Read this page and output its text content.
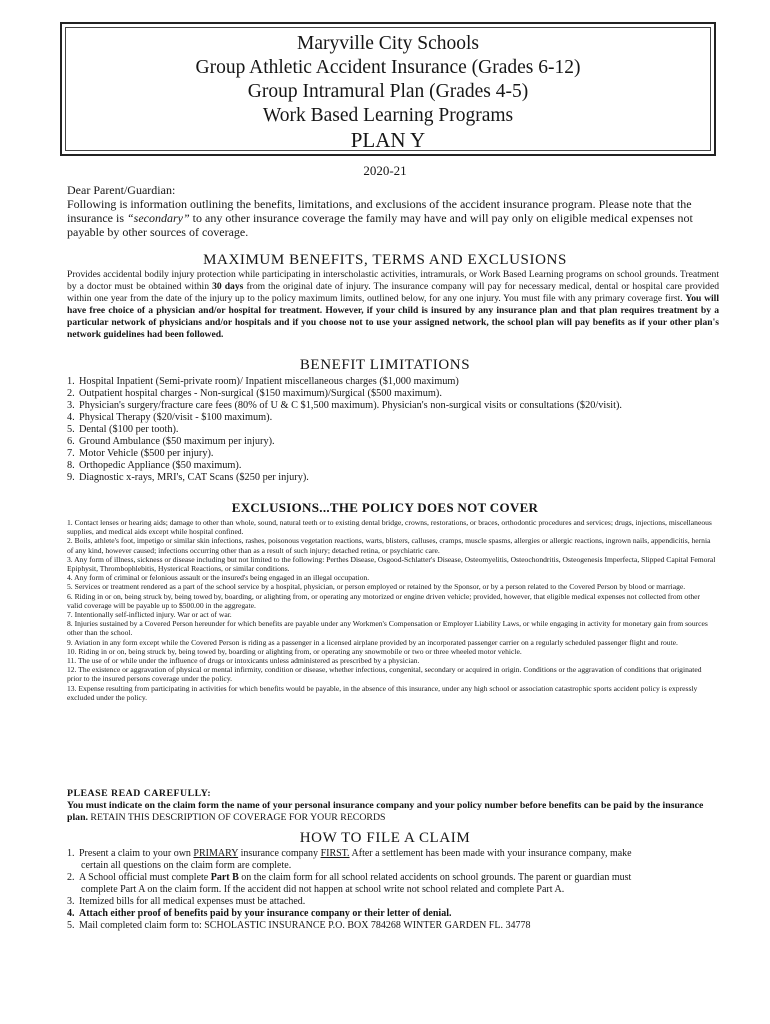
Maryville City Schools
Group Athletic Accident Insurance (Grades 6-12)
Group Intramural Plan (Grades 4-5)
Work Based Learning Programs
PLAN Y
2020-21
Dear Parent/Guardian:
Following is information outlining the benefits, limitations, and exclusions of the accident insurance program. Please note that the insurance is “secondary” to any other insurance coverage the family may have and will pay only on eligible medical expenses not payable by other sources of coverage.
MAXIMUM BENEFITS, TERMS AND EXCLUSIONS
Provides accidental bodily injury protection while participating in interscholastic activities, intramurals, or Work Based Learning programs on school grounds. Treatment by a doctor must be obtained within 30 days from the original date of injury. The insurance company will pay for necessary medical, dental or hospital care provided within one year from the date of the injury up to the policy maximum limits, outlined below, for any one injury. You must file with any primary coverage first. You will have free choice of a physician and/or hospital for treatment. However, if your child is insured by any insurance plan and that plan requires treatment by a particular network of physicians and/or hospitals and if you choose not to use your assigned network, the school plan will pay benefits as if your other plan's network guidelines had been followed.
BENEFIT LIMITATIONS
1. Hospital Inpatient (Semi-private room)/ Inpatient miscellaneous charges ($1,000 maximum)
2. Outpatient hospital charges - Non-surgical ($150 maximum)/Surgical ($500 maximum).
3. Physician's surgery/fracture care fees (80% of U & C $1,500 maximum). Physician's non-surgical visits or consultations ($20/visit).
4. Physical Therapy ($20/visit - $100 maximum).
5. Dental ($100 per tooth).
6. Ground Ambulance ($50 maximum per injury).
7. Motor Vehicle ($500 per injury).
8. Orthopedic Appliance ($50 maximum).
9. Diagnostic x-rays, MRI's, CAT Scans ($250 per injury).
EXCLUSIONS...THE POLICY DOES NOT COVER
1. Contact lenses or hearing aids; damage to other than whole, sound, natural teeth or to existing dental bridge, crowns, restorations, or braces, orthodontic procedures and services; drugs, injections, miscellaneous supplies, and medical aids except while hospital confined.
2. Boils, athlete's foot, impetigo or similar skin infections, rashes, poisonous vegetation reactions, warts, blisters, calluses, cramps, muscle spasms, allergies or allergic reactions, ingrown nails, appendicitis, hernia of any kind, however caused; infections occurring other than as a result of such injury; detached retina, or psychiatric care.
3. Any form of illness, sickness or disease including but not limited to the following: Perthes Disease, Osgood-Schlatter's Disease, Osteomyelitis, Osteochondritis, Osteogenesis Imperfecta, Slipped Capital Femoral Epiphysit, Thrombophlebitis, Hysterical Reactions, or similar conditions.
4. Any form of criminal or felonious assault or the insured's being engaged in an illegal occupation.
5. Services or treatment rendered as a part of the school service by a hospital, physician, or person employed or retained by the Sponsor, or by a person related to the Covered Person by blood or marriage.
6. Riding in or on, being struck by, being towed by, boarding, or alighting from, or operating any motorized or engine driven vehicle; provided, however, that eligible medical expenses not collected from other valid coverage will be payable up to $500.00 in the aggregate.
7. Intentionally self-inflicted injury. War or act of war.
8. Injuries sustained by a Covered Person hereunder for which benefits are payable under any Workmen's Compensation or Employer Liability Laws, or while engaging in activity for monetary gain from sources other than the school.
9. Aviation in any form except while the Covered Person is riding as a passenger in a licensed airplane provided by an incorporated passenger carrier on a regularly scheduled passenger flight and route.
10. Riding in or on, being struck by, being towed by, boarding or alighting from, or operating any snowmobile or two or three wheeled motor vehicle.
11. The use of or while under the influence of drugs or intoxicants unless administered as prescribed by a physician.
12. The existence or aggravation of physical or mental infirmity, condition or disease, whether infectious, congenital, secondary or acquired in origin. Conditions or the aggravation of conditions that originated prior to the insured persons coverage under the policy.
13. Expense resulting from participating in activities for which benefits would be payable, in the absence of this insurance, under any high school or association catastrophic sports accident policy is expressly excluded under the policy.
PLEASE READ CAREFULLY:
You must indicate on the claim form the name of your personal insurance company and your policy number before benefits can be paid by the insurance plan. RETAIN THIS DESCRIPTION OF COVERAGE FOR YOUR RECORDS
HOW TO FILE A CLAIM
1. Present a claim to your own PRIMARY insurance company FIRST. After a settlement has been made with your insurance company, make
certain all questions on the claim form are complete.
2. A School official must complete Part B on the claim form for all school related accidents on school grounds. The parent or guardian must
complete Part A on the claim form. If the accident did not happen at school write not school related and complete Part A.
3. Itemized bills for all medical expenses must be attached.
4. Attach either proof of benefits paid by your insurance company or their letter of denial.
5. Mail completed claim form to: SCHOLASTIC INSURANCE P.O. BOX 784268 WINTER GARDEN FL. 34778
